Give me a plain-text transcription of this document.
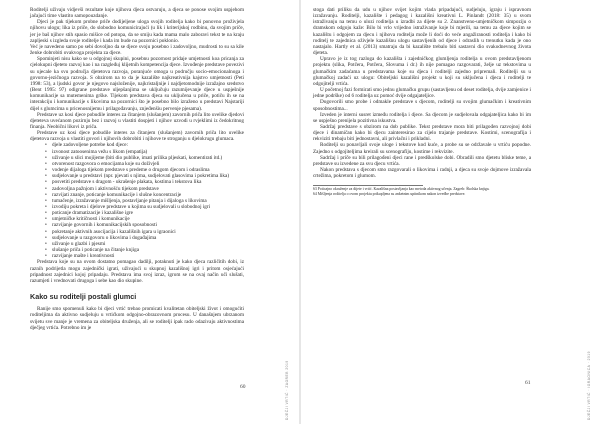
Roditelji uživaju vidjevši rezultate koje njihova djeca ostvaruju, a djeca se ponose svojim uspjehom jačajući time vlastito samopouzdanje.

Djeci je pak tijekom probne priče dodijeljene uloga svojih roditelja kako bi ponovno proživjela njihovu ulogu; lika iz priče, do slobodno komunicirajući (u lik i kriterijskoj rodbinu, da svojim priče, jer je baš njihov stih spasio mišice od potopa, da se smiju kada mama malo zaboravi tekst te na kraju zapljeski s izgleda svoje roditelje i kada im bude na pozornici poklonio.

Već je navedeno samo po sebi dovoljno da se djece svoju posebno i zadovoljno, mudrosti to su sa kile ženke dobrobiti ovakvoga projekta za djece.

Spominjeti nisu kako se u odgojnoj skupini, posebnu pozornost pridaje umjetnosti koa pricanja za cjelokupni djeteto razvoj kao i na razgleđuj klijetnih kompetencija djece. Izvođenje predstave povezivi su ujecale ka svu područja djetetova razvoja, poranjuće omoga u području socio-emocionalnoga i govorno-jezičnoga razvoja. S obzirom na to da je kazalište najkreativnija kajstvo umjetnosti (Peti 1998: 53), a ljudski govor je njegovo najsloženije, najkristaljnije i najdjetomodnije izražajno sredstvo (Bent 1995: 97) odigrane predstave uljepšanjima se uključuju razumijevanje djece u uspješnije komunikacije sa mutemenima grške. Tijekom predstava djeca su uključena u priče, potiču ih se na interakciju i komunikacije s likovima na pozornici što je posebno bilo izraženo u predstavi Najstariji dijel s glumcima u pricenosnijemu i prilagođavanju, znjeđenšiu pervenje pjesama).

Predstave uz kosi djece pobudile interes za čitanjem (slušanjem) zavornih priča lito uvelike djedovi djeteteva uvećanom pozirnju bez i razvoj u vlastiti dospjeti i njihov uzvodi u rvjeklimi iz čedokritnog finanja. Neobični likovi iz priča.

Predstave uz kosi djece pobudile interes za čitanjem (slušanjem) zavornih priča lito uvelike djetetova razvoja u vlastiti govori i njihovih dobrobiti i njihove te stroganju u djelokrugu glumaca.

• djele zadovoljene potrebe kod djece:
• izvonost zatoosenima vežu s likom (empatija)
• uživanje u slici mojijeme (biti dio publike, imati prilika pljeskati, komentirati itd.)
• otvorenost razgovora o emocijama koje su doživjeli
• vodenje dijaloga tijekom predstave s predeme o drugom djecom i odraslima
• sudjelovanje u predstavi (npr. pjevati s njima, sudjelovati glasovima i pokretima lika)
• posvetiti predstave s dragom - ukrašenje plakata, kostima i tekstova lika
• zadovoljna pažnjom i aktivnošću tijekom predstave
• razvijati znanje, poticanje komunikacije i slušne koncentracije
• tumačenje, izražavanje mišljenja, postavljanje pitanja i dijaloga s likovima
• izvodiju pokreta i djelove predstave u kojima su sudjelovali u slobodnoj igri
• poticanje dramatizacije i kazališne igre
• umjetničke kritičnosti i komunikacije
• razvijanje govornih i komunikacijskih sposobnosti
• pokretanje aktivnih asocijacija i kazališnih igara u igraonici
• sudjelovanje u razgovoru o likovima i događajima
• uživanje u glazbi i pjesmi
• slušanje priča i poticanje na čitanje knjiga
• razvijanje mašte i kreativnosti

Predstava koje su na ovom dostatno pomagao dadilji, potaknuti je kako djeca različitih dobi, iz raznih podrijetla mogu zajednički igrati, uživajući u skupnoj kazališnoj igri i pritom osjećajući pripadnost zajednici kojoj pripadaju. Predstava ima svoj izraz, igrom se na ovaj način uči slušati, razumjeti i vrednovati drugoga i sebe kao dio skupine.

Kako su roditelji postali glumci

Ranije smo spomenuli kako bi djeci vrtić trebao promicati kvalitetan obiteljski život i omogućiti roditeljima da aktivno sudjeluju u vrtićkom odgojno-obrazovnom procesu. U današnjem ubrzanom svijetu sve manje je vremena za obiteljska druženja, ali se roditelji ipak rado odazivaju aktivnostima dječjeg vrtića. Potrebno im je

60	DJEČJI VRTIĆ · ZAGREB 2019

stoga dati priliku da udu u njihov svijet kojim vlada pripadajući, sudjeluju, igraju i ispravnom izražavanju. Roditelji, kazalište i pedagog i kazališni kreativni L. Pinlandt (2018: 35) u svom istraživanju na temu o ulozi roditelja u izradbi za dijete su 2. Znanstveno-umjetničkom simpoziju o dramskom odgoju kaže: Bilo bi vrlo vrijedno istraživanje koje bi mjerili, na temu za djece kojim se kazalištu i odgojem za djecu i njihova roditelja može li doći do veće angažiranosti roditelja i kako bi roditelj te zajednica oživjele kazališnu ulogu sastavljenih od djece i odraslih u trenutku kada je ono nastajalo. Hartly et al. (2013) smatraju da bi kazalište trebalo biti sastavni dio svakodnevnog života djeteta.

Upravo je iz tog razloga do kazališta i zajedničkog glumljenja roditelja u ovom predstavljenom projektu (slika, Potčera, Potčera, Slovuma i dr.) ih nije pomagao razgovarati, želje uz tekstovima u glumačkim zadaćama u predstavama koje su djeca i roditelji zajedno pripremali. Roditelji su u glumačkoj zadaći uz ulogu: Obiteljski kazališni projekt u koji su uključena i djeca i roditelji te odgojitelji vrtića.

U početnoj fazi formirati smo jednu glumačku grupu (sastavljenu od deset roditelja, dvije zamjenice i jedne podrške) od 6 roditelja uz pomoć dvije odgajateljice.

Dogovorili smo probe i odmakle predstave s djecom, roditelji su svojim glumačkim i kreativnim sposobnostima...

Izveden je interni susret između roditelja i djece. Sa djecom je sudjelovala odgajateljica kako bi im se uspješno prenijela pozitivna iskustva.

Sadržaj predstave s obzirom na dob publike. Tekst predstave mora biti prilagođen razvojnoj dobi djece i dinamičan kako bi djecu zainteresirao za cijelo trajanje predstave. Kostimi, scenografija i rekviziti trebaju biti jednostavni, ali privlačni i prikladni.

Roditelji su ponavljali svoje uloge i tekstove kod kuće, a probe su se održavale u vrtiću popodne. Zajedno s odgojiteljima kreirali su scenografiju, kostime i rekvizite.

Sadržaj i priče su bili prilagođeni djeci rane i predškolske dobi. Obradili smo djetetu bliske teme, a predstave su izvedene za svu djecu vrtića.

Nakon predstava s djecom smo razgovarali o likovima i radnji, a djeca su svoje dojmove izražavala crtežima, pokretom i glumom.

63 Poticajno okruženje za dijete i vrtić. Kazališna postavljanja kao metoda aktivnog učenja. Zagreb: Školska knjiga.

64 Mišljenja roditelja o ovom projektu prikupljena su anketnim upitnikom nakon izvedbe predstave.

61	DJEČJI VRTIĆ · IGRAONICA · 2019
